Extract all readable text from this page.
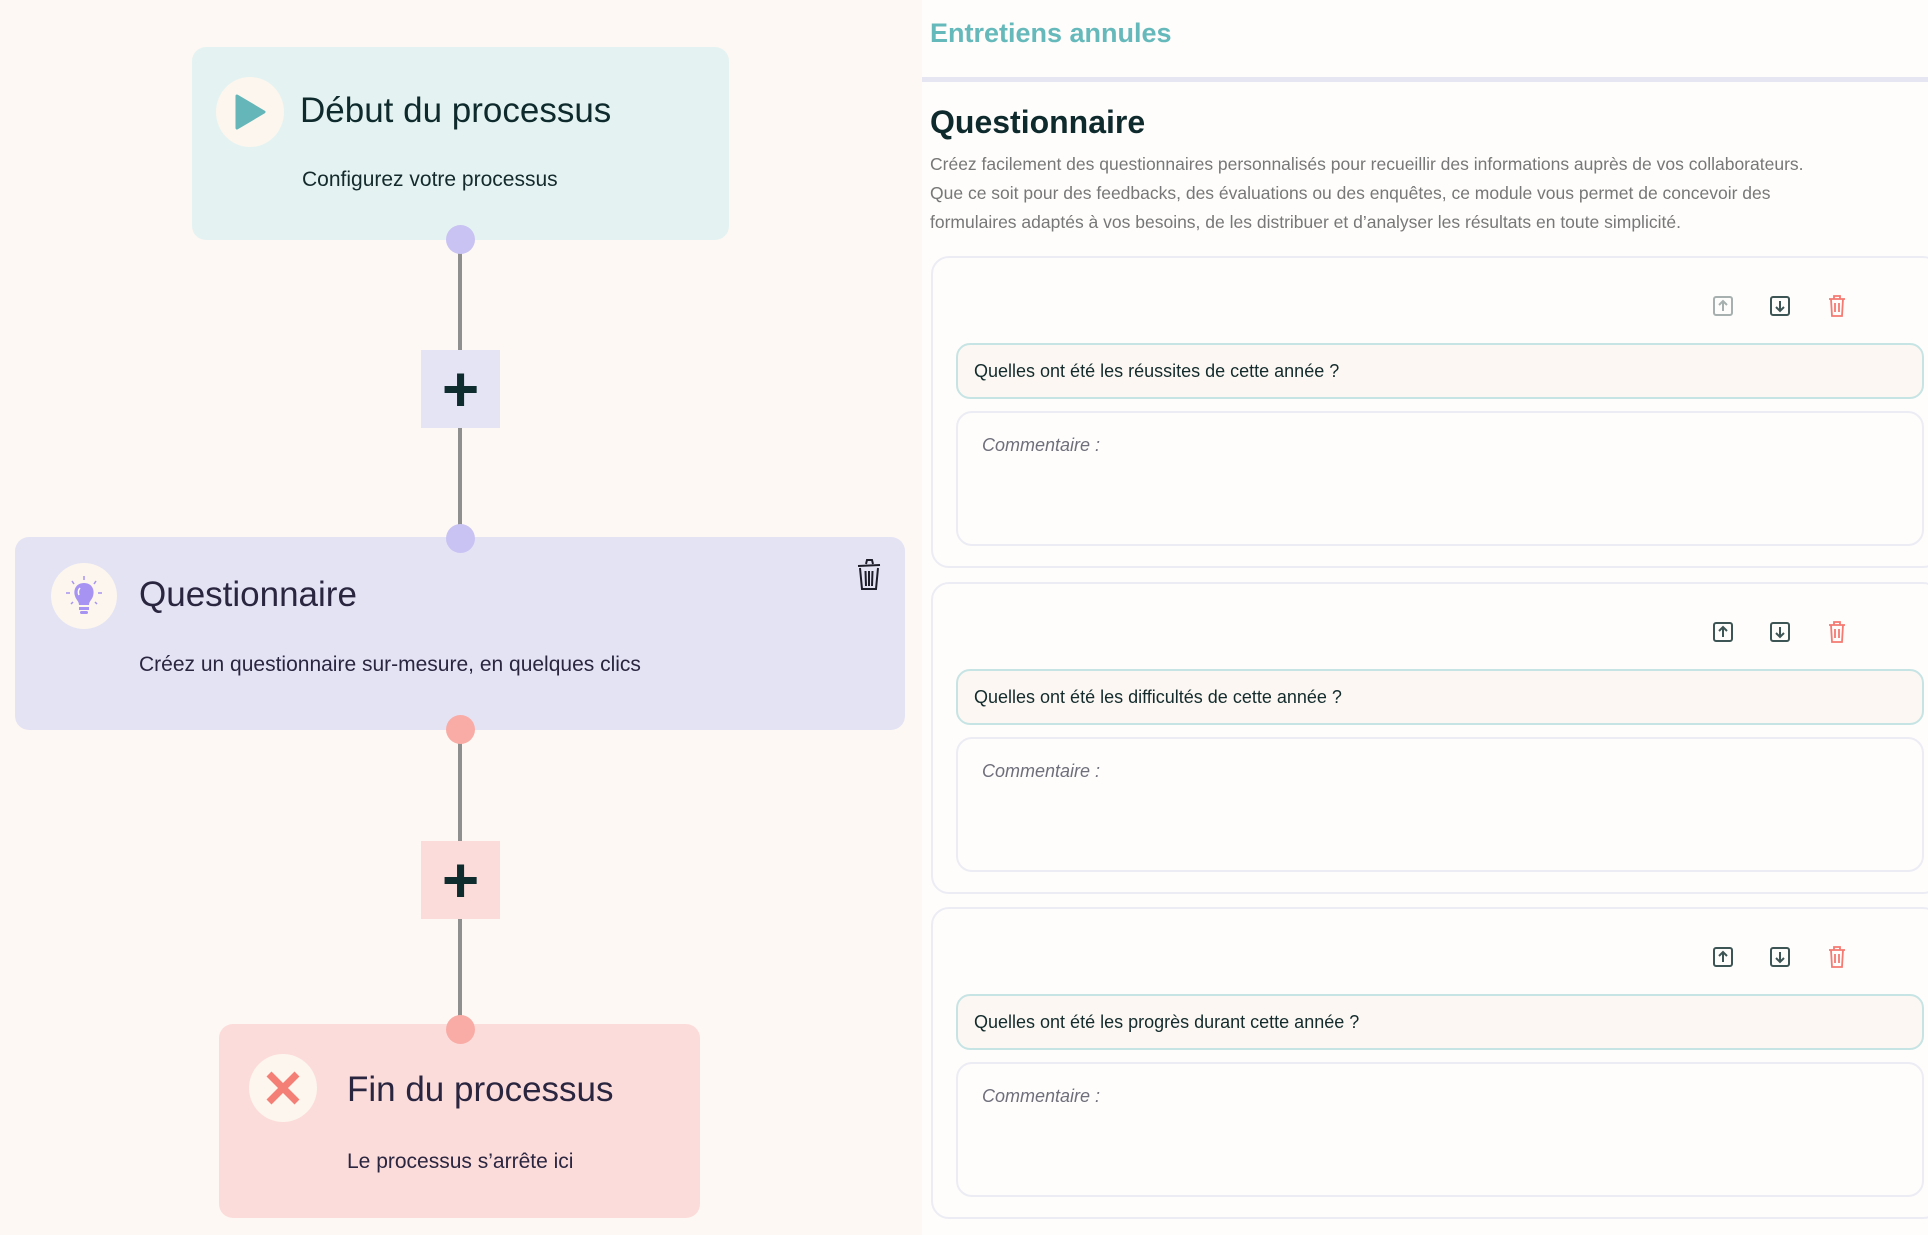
Début du processus
Configurez votre processus
+
Questionnaire
Créez un questionnaire sur-mesure, en quelques clics
+
Fin du processus
Le processus s’arrête ici
Entretiens annules
Questionnaire
Créez facilement des questionnaires personnalisés pour recueillir des informations auprès de vos collaborateurs.
Que ce soit pour des feedbacks, des évaluations ou des enquêtes, ce module vous permet de concevoir des
formulaires adaptés à vos besoins, de les distribuer et d’analyser les résultats en toute simplicité.
Quelles ont été les réussites de cette année ?
Commentaire :
Quelles ont été les difficultés de cette année ?
Commentaire :
Quelles ont été les progrès durant cette année ?
Commentaire :
